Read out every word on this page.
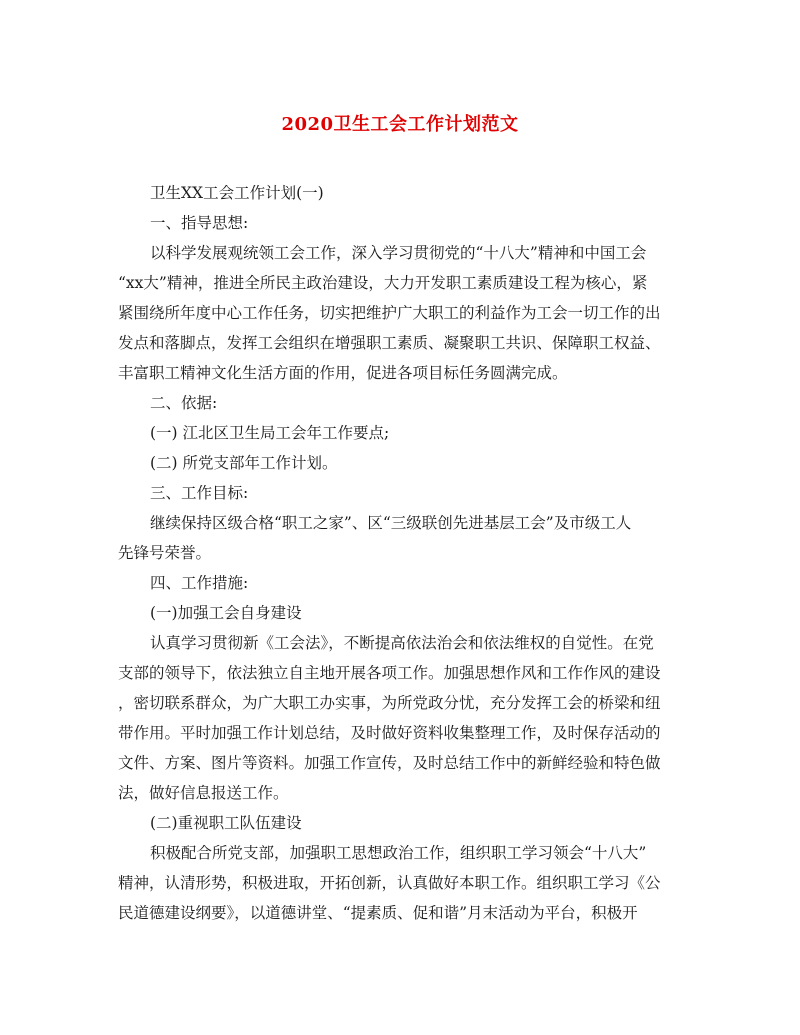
2020卫生工会工作计划范文
卫生XX工会工作计划(一)
一、指导思想:
以科学发展观统领工会工作，深入学习贯彻党的“十八大”精神和中国工会
“xx大”精神，推进全所民主政治建设，大力开发职工素质建设工程为核心，紧
紧围绕所年度中心工作任务，切实把维护广大职工的利益作为工会一切工作的出
发点和落脚点，发挥工会组织在增强职工素质、凝聚职工共识、保障职工权益、
丰富职工精神文化生活方面的作用，促进各项目标任务圆满完成。
二、依据:
(一) 江北区卫生局工会年工作要点;
(二) 所党支部年工作计划。
三、工作目标:
继续保持区级合格“职工之家”、区“三级联创先进基层工会”及市级工人
先锋号荣誉。
四、工作措施:
(一)加强工会自身建设
认真学习贯彻新《工会法》，不断提高依法治会和依法维权的自觉性。在党
支部的领导下，依法独立自主地开展各项工作。加强思想作风和工作作风的建设
，密切联系群众，为广大职工办实事，为所党政分忧，充分发挥工会的桥梁和纽
带作用。平时加强工作计划总结，及时做好资料收集整理工作，及时保存活动的
文件、方案、图片等资料。加强工作宣传，及时总结工作中的新鲜经验和特色做
法，做好信息报送工作。
(二)重视职工队伍建设
积极配合所党支部，加强职工思想政治工作，组织职工学习领会“十八大”
精神，认清形势，积极进取，开拓创新，认真做好本职工作。组织职工学习《公
民道德建设纲要》，以道德讲堂、“提素质、促和谐”月末活动为平台，积极开
